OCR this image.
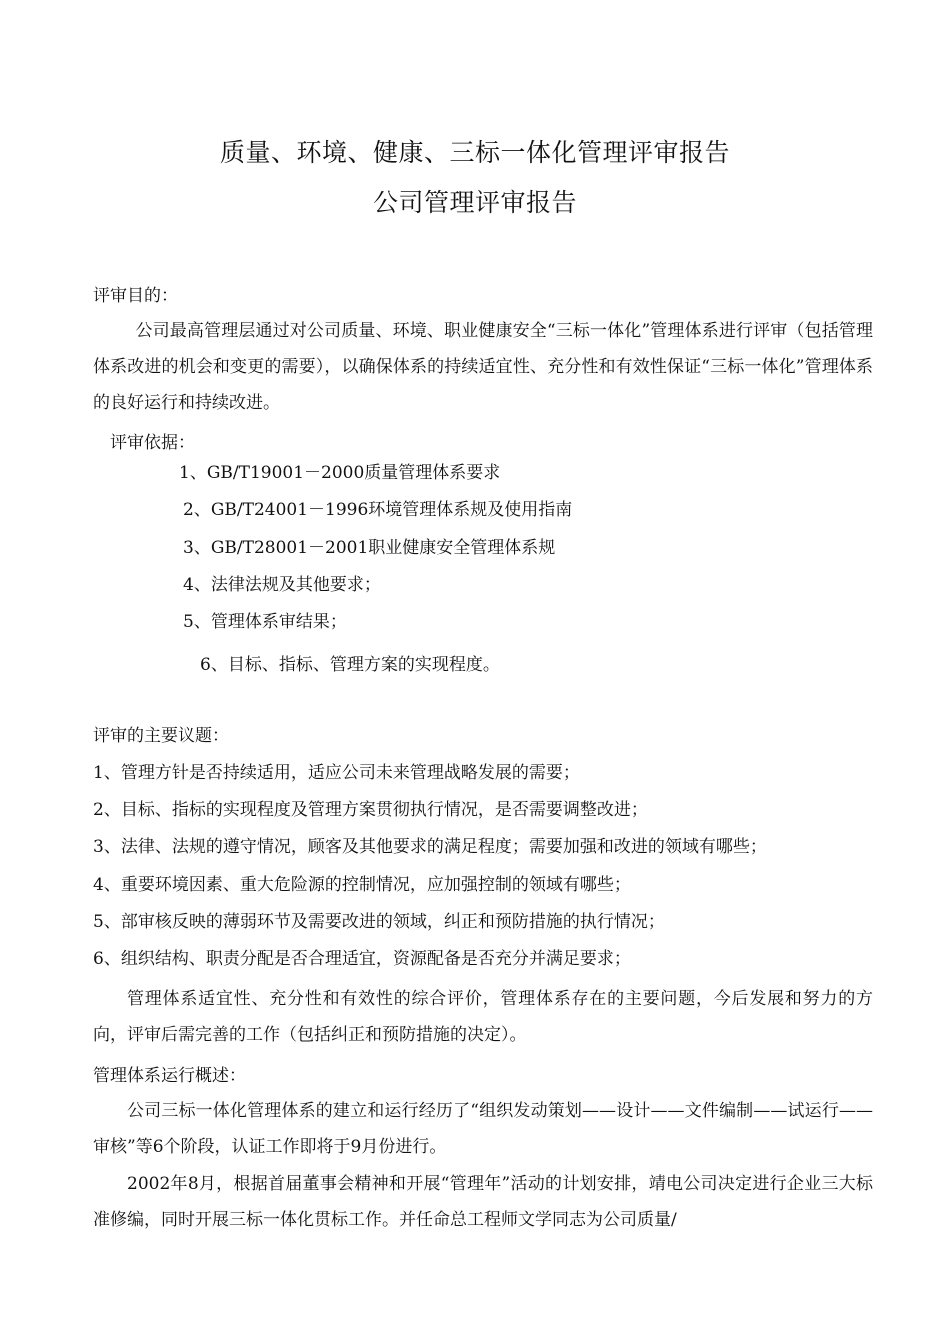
质量、环境、健康、三标一体化管理评审报告
公司管理评审报告
评审目的：
公司最高管理层通过对公司质量、环境、职业健康安全“三标一体化”管理体系进行评审（包括管理体系改进的机会和变更的需要），以确保体系的持续适宜性、充分性和有效性保证“三标一体化”管理体系的良好运行和持续改进。
评审依据：
1、GB/T19001－2000质量管理体系要求
2、GB/T24001－1996环境管理体系规及使用指南
3、GB/T28001－2001职业健康安全管理体系规
4、法律法规及其他要求；
5、管理体系审结果；
6、目标、指标、管理方案的实现程度。
评审的主要议题：
1、管理方针是否持续适用，适应公司未来管理战略发展的需要；
2、目标、指标的实现程度及管理方案贯彻执行情况，是否需要调整改进；
3、法律、法规的遵守情况，顾客及其他要求的满足程度；需要加强和改进的领域有哪些；
4、重要环境因素、重大危险源的控制情况，应加强控制的领域有哪些；
5、部审核反映的薄弱环节及需要改进的领域，纠正和预防措施的执行情况；
6、组织结构、职责分配是否合理适宜，资源配备是否充分并满足要求；
管理体系适宜性、充分性和有效性的综合评价，管理体系存在的主要问题，今后发展和努力的方向，评审后需完善的工作（包括纠正和预防措施的决定）。
管理体系运行概述：
公司三标一体化管理体系的建立和运行经历了“组织发动策划——设计——文件编制——试运行——审核”等6个阶段，认证工作即将于9月份进行。
2002年8月，根据首届董事会精神和开展“管理年”活动的计划安排，靖电公司决定进行企业三大标准修编，同时开展三标一体化贯标工作。并任命总工程师文学同志为公司质量/
